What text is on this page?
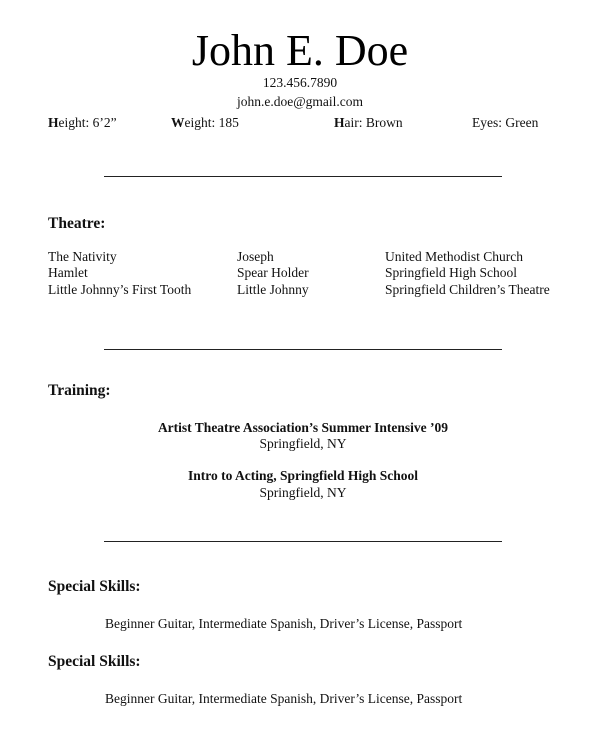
John E. Doe
123.456.7890
john.e.doe@gmail.com
Height: 6’2”	Weight: 185	Hair: Brown	Eyes: Green
Theatre:
The Nativity	Joseph	United Methodist Church
Hamlet	Spear Holder	Springfield High School
Little Johnny’s First Tooth	Little Johnny	Springfield Children’s Theatre
Training:
Artist Theatre Association’s Summer Intensive ’09
Springfield, NY
Intro to Acting, Springfield High School
Springfield, NY
Special Skills:
Beginner Guitar, Intermediate Spanish, Driver’s License, Passport
Special Skills:
Beginner Guitar, Intermediate Spanish, Driver’s License, Passport
